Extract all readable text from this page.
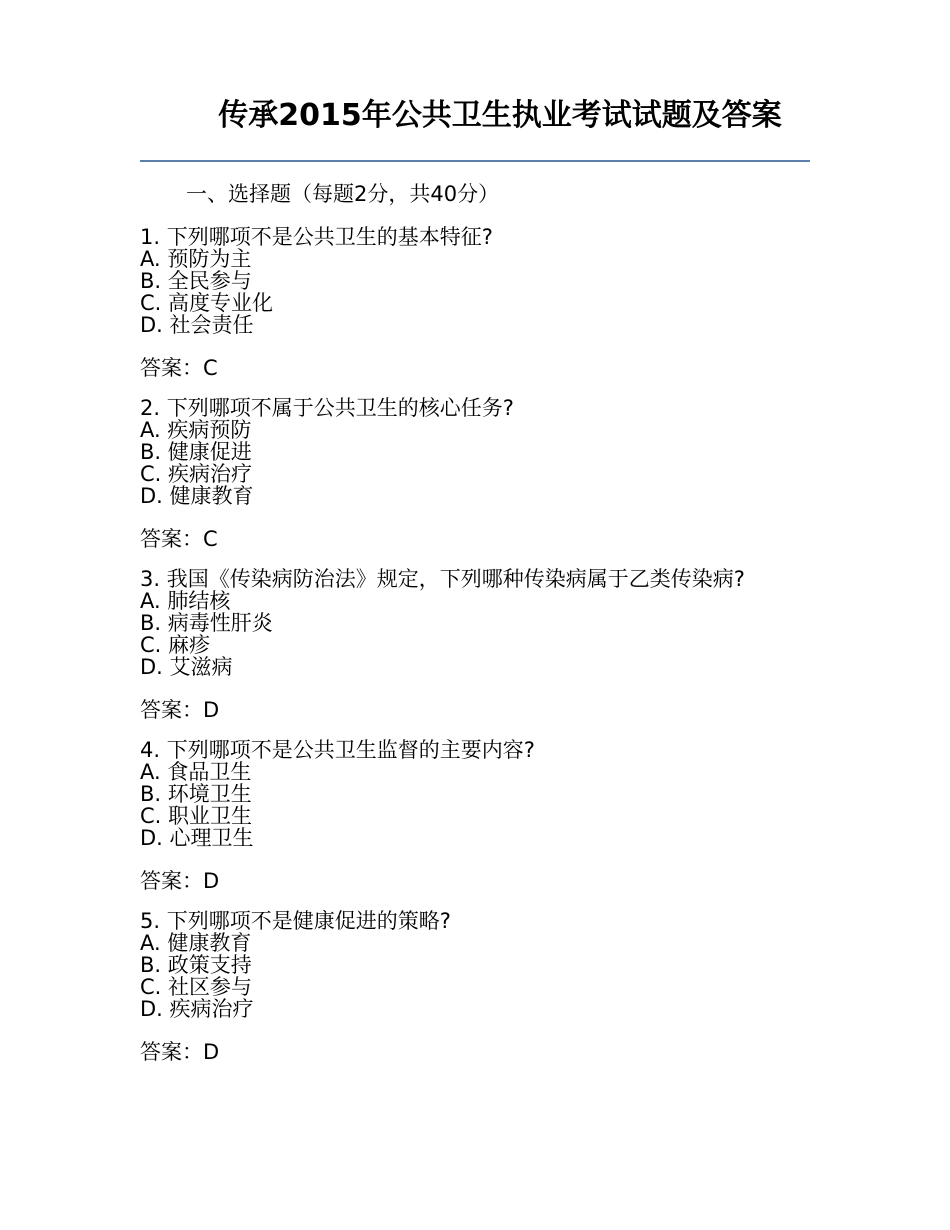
传承2015年公共卫生执业考试试题及答案

一、选择题（每题2分，共40分）

1. 下列哪项不是公共卫生的基本特征?

A. 预防为主

B. 全民参与

C. 高度专业化

D. 社会责任

答案：C

2. 下列哪项不属于公共卫生的核心任务?

A. 疾病预防

B. 健康促进

C. 疾病治疗

D. 健康教育

答案：C

3. 我国《传染病防治法》规定，下列哪种传染病属于乙类传染病?

A. 肺结核

B. 病毒性肝炎

C. 麻疹

D. 艾滋病

答案：D

4. 下列哪项不是公共卫生监督的主要内容?

A. 食品卫生

B. 环境卫生

C. 职业卫生

D. 心理卫生

答案：D

5. 下列哪项不是健康促进的策略?

A. 健康教育

B. 政策支持

C. 社区参与

D. 疾病治疗

答案：D
